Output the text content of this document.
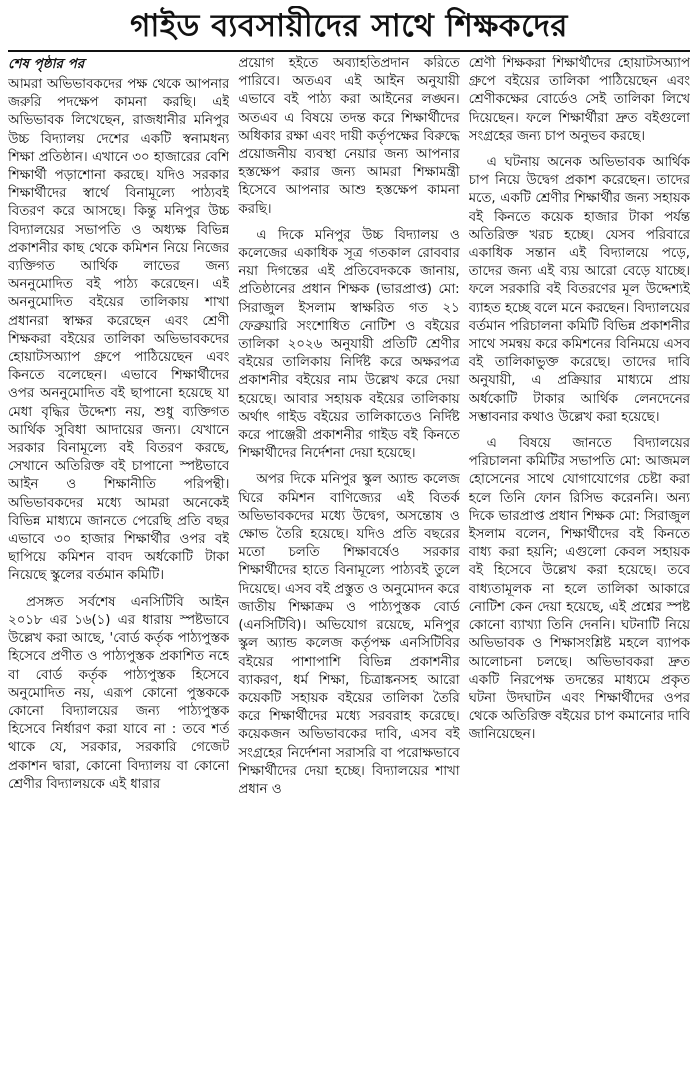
গাইড ব্যবসায়ীদের সাথে শিক্ষকদের
শেষ পৃষ্ঠার পর

আমরা অভিভাবকদের পক্ষ থেকে আপনার জরুরি পদক্ষেপ কামনা করছি। এই অভিভাবক লিখেছেন, রাজধানীর মনিপুর উচ্চ বিদ্যালয় দেশের একটি স্বনামধন্য শিক্ষা প্রতিষ্ঠান। এখানে ৩০ হাজারের বেশি শিক্ষার্থী পড়াশোনা করছে। যদিও সরকার শিক্ষার্থীদের স্বার্থে বিনামূল্যে পাঠ্যবই বিতরণ করে আসছে। কিন্তু মনিপুর উচ্চ বিদ্যালয়ের সভাপতি ও অধ্যক্ষ বিভিন্ন প্রকাশনীর কাছ থেকে কমিশন নিয়ে নিজের ব্যক্তিগত আর্থিক লাভের জন্য অননুমোদিত বই পাঠ্য করেছেন। এই অননুমোদিত বইয়ের তালিকায় শাখা প্রধানরা স্বাক্ষর করেছেন এবং শ্রেণী শিক্ষকরা বইয়ের তালিকা অভিভাবকদের হোয়াটসঅ্যাপ গ্রুপে পাঠিয়েছেন এবং কিনতে বলেছেন। এভাবে শিক্ষার্থীদের ওপর অননুমোদিত বই ছাপানো হয়েছে যা মেধা বৃদ্ধির উদ্দেশ্য নয়, শুধু ব্যক্তিগত আর্থিক সুবিধা আদায়ের জন্য। যেখানে সরকার বিনামূল্যে বই বিতরণ করছে, সেখানে অতিরিক্ত বই চাপানো স্পষ্টভাবে আইন ও শিক্ষানীতি পরিপন্থী। অভিভাবকদের মধ্যে আমরা অনেকেই বিভিন্ন মাধ্যমে জানতে পেরেছি প্রতি বছর এভাবে ৩০ হাজার শিক্ষার্থীর ওপর বই ছাপিয়ে কমিশন বাবদ অর্ধকোটি টাকা নিয়েছে স্কুলের বর্তমান কমিটি।

প্রসঙ্গত সর্বশেষ এনসিটিবি আইন ২০১৮ এর ১৬(১) এর ধারায় স্পষ্টভাবে উল্লেখ করা আছে, 'বোর্ড কর্তৃক পাঠ্যপুস্তক হিসেবে প্রণীত ও পাঠ্যপুস্তক প্রকাশিত নহে বা বোর্ড কর্তৃক পাঠ্যপুস্তক হিসেবে অনুমোদিত নয়, এরূপ কোনো পুস্তককে কোনো বিদ্যালয়ের জন্য পাঠ্যপুস্তক হিসেবে নির্ধারণ করা যাবে না : তবে শর্ত থাকে যে, সরকার, সরকারি গেজেট প্রকাশন দ্বারা, কোনো বিদ্যালয় বা কোনো শ্রেণীর বিদ্যালয়কে এই ধারার

প্রয়োগ হইতে অব্যাহতিপ্রদান করিতে পারিবে। অতএব এই আইন অনুযায়ী এভাবে বই পাঠ্য করা আইনের লঙ্ঘন। অতএব এ বিষয়ে তদন্ত করে শিক্ষার্থীদের অধিকার রক্ষা এবং দায়ী কর্তৃপক্ষের বিরুদ্ধে প্রয়োজনীয় ব্যবস্থা নেয়ার জন্য আপনার হস্তক্ষেপ করার জন্য আমরা শিক্ষামন্ত্রী হিসেবে আপনার আশু হস্তক্ষেপ কামনা করছি।

এ দিকে মনিপুর উচ্চ বিদ্যালয় ও কলেজের একাধিক সূত্র গতকাল রোববার নয়া দিগন্তের এই প্রতিবেদককে জানায়, প্রতিষ্ঠানের প্রধান শিক্ষক (ভারপ্রাপ্ত) মো: সিরাজুল ইসলাম স্বাক্ষরিত গত ২১ ফেব্রুয়ারি সংশোধিত নোটিশ ও বইয়ের তালিকা ২০২৬ অনুযায়ী প্রতিটি শ্রেণীর বইয়ের তালিকায় নির্দিষ্ট করে অক্ষরপত্র প্রকাশনীর বইয়ের নাম উল্লেখ করে দেয়া হয়েছে। আবার সহায়ক বইয়ের তালিকায় অর্থাৎ গাইড বইয়ের তালিকাতেও নির্দিষ্ট করে পাঞ্জেরী প্রকাশনীর গাইড বই কিনতে শিক্ষার্থীদের নির্দেশনা দেয়া হয়েছে।

অপর দিকে মনিপুর স্কুল অ্যান্ড কলেজ ঘিরে কমিশন বাণিজ্যের এই বিতর্ক অভিভাবকদের মধ্যে উদ্বেগ, অসন্তোষ ও ক্ষোভ তৈরি হয়েছে। যদিও প্রতি বছরের মতো চলতি শিক্ষাবর্ষেও সরকার শিক্ষার্থীদের হাতে বিনামূল্যে পাঠ্যবই তুলে দিয়েছে। এসব বই প্রস্তুত ও অনুমোদন করে জাতীয় শিক্ষাক্রম ও পাঠ্যপুস্তক বোর্ড (এনসিটিবি)। অভিযোগ রয়েছে, মনিপুর স্কুল অ্যান্ড কলেজ কর্তৃপক্ষ এনসিটিবির বইয়ের পাশাপাশি বিভিন্ন প্রকাশনীর ব্যাকরণ, ধর্ম শিক্ষা, চিত্রাঙ্কনসহ আরো কয়েকটি সহায়ক বইয়ের তালিকা তৈরি করে শিক্ষার্থীদের মধ্যে সরবরাহ করেছে। কয়েকজন অভিভাবকের দাবি, এসব বই সংগ্রহের নির্দেশনা সরাসরি বা পরোক্ষভাবে শিক্ষার্থীদের দেয়া হচ্ছে। বিদ্যালয়ের শাখা প্রধান ও

শ্রেণী শিক্ষকরা শিক্ষার্থীদের হোয়াটসঅ্যাপ গ্রুপে বইয়ের তালিকা পাঠিয়েছেন এবং শ্রেণীকক্ষের বোর্ডেও সেই তালিকা লিখে দিয়েছেন। ফলে শিক্ষার্থীরা দ্রুত বইগুলো সংগ্রহের জন্য চাপ অনুভব করছে।

এ ঘটনায় অনেক অভিভাবক আর্থিক চাপ নিয়ে উদ্বেগ প্রকাশ করেছেন। তাদের মতে, একটি শ্রেণীর শিক্ষার্থীর জন্য সহায়ক বই কিনতে কয়েক হাজার টাকা পর্যন্ত অতিরিক্ত খরচ হচ্ছে। যেসব পরিবারে একাধিক সন্তান এই বিদ্যালয়ে পড়ে, তাদের জন্য এই ব্যয় আরো বেড়ে যাচ্ছে। ফলে সরকারি বই বিতরণের মূল উদ্দেশ্যই ব্যাহত হচ্ছে বলে মনে করছেন। বিদ্যালয়ের বর্তমান পরিচালনা কমিটি বিভিন্ন প্রকাশনীর সাথে সমন্বয় করে কমিশনের বিনিময়ে এসব বই তালিকাভুক্ত করেছে। তাদের দাবি অনুযায়ী, এ প্রক্রিয়ার মাধ্যমে প্রায় অর্ধকোটি টাকার আর্থিক লেনদেনের সম্ভাবনার কথাও উল্লেখ করা হয়েছে।

এ বিষয়ে জানতে বিদ্যালয়ের পরিচালনা কমিটির সভাপতি মো: আজমল হোসেনের সাথে যোগাযোগের চেষ্টা করা হলে তিনি ফোন রিসিভ করেননি। অন্য দিকে ভারপ্রাপ্ত প্রধান শিক্ষক মো: সিরাজুল ইসলাম বলেন, শিক্ষার্থীদের বই কিনতে বাধ্য করা হয়নি; এগুলো কেবল সহায়ক বই হিসেবে উল্লেখ করা হয়েছে। তবে বাধ্যতামূলক না হলে তালিকা আকারে নোটিশ কেন দেয়া হয়েছে, এই প্রশ্নের স্পষ্ট কোনো ব্যাখ্যা তিনি দেননি। ঘটনাটি নিয়ে অভিভাবক ও শিক্ষাসংশ্লিষ্ট মহলে ব্যাপক আলোচনা চলছে। অভিভাবকরা দ্রুত একটি নিরপেক্ষ তদন্তের মাধ্যমে প্রকৃত ঘটনা উদঘাটন এবং শিক্ষার্থীদের ওপর থেকে অতিরিক্ত বইয়ের চাপ কমানোর দাবি জানিয়েছেন।
